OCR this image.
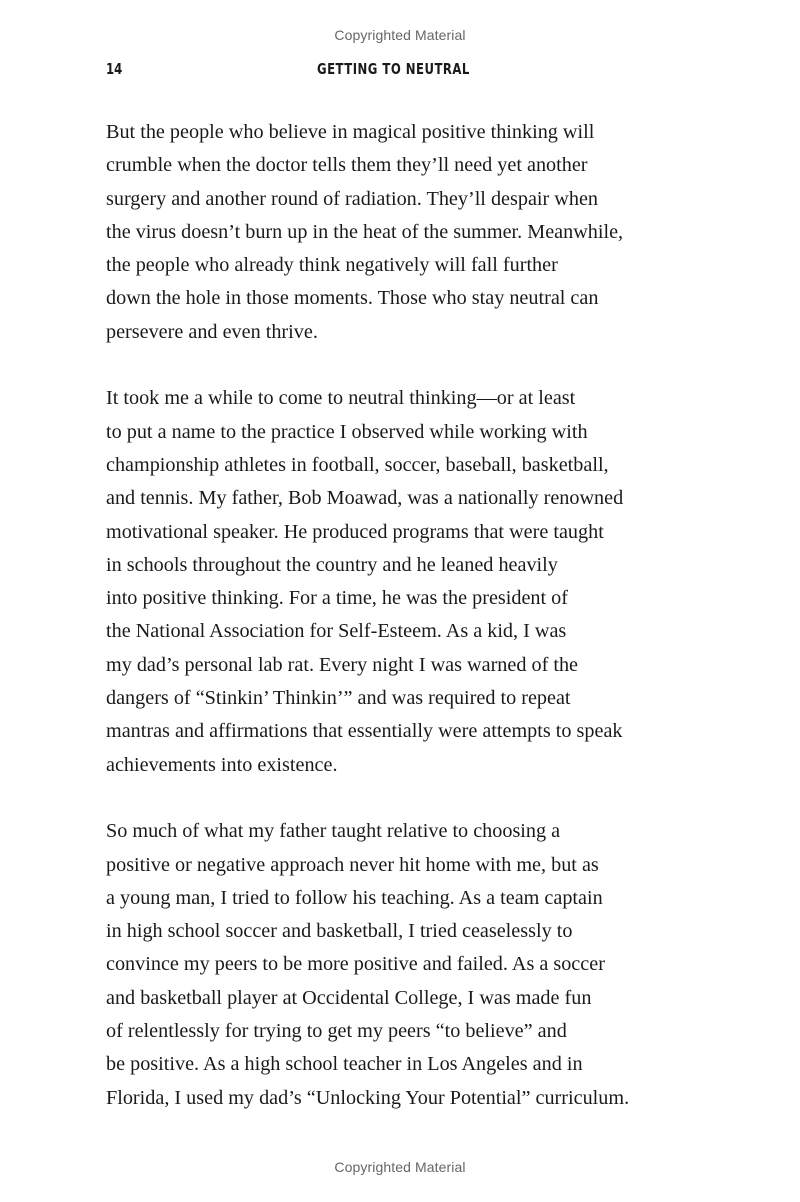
Copyrighted Material
14	GETTING TO NEUTRAL
But the people who believe in magical positive thinking will
crumble when the doctor tells them they’ll need yet another
surgery and another round of radiation. They’ll despair when
the virus doesn’t burn up in the heat of the summer. Meanwhile,
the people who already think negatively will fall further
down the hole in those moments. Those who stay neutral can
persevere and even thrive.
It took me a while to come to neutral thinking—or at least
to put a name to the practice I observed while working with
championship athletes in football, soccer, baseball, basketball,
and tennis. My father, Bob Moawad, was a nationally renowned
motivational speaker. He produced programs that were taught
in schools throughout the country and he leaned heavily
into positive thinking. For a time, he was the president of
the National Association for Self-Esteem. As a kid, I was
my dad’s personal lab rat. Every night I was warned of the
dangers of “Stinkin’ Thinkin’” and was required to repeat
mantras and affirmations that essentially were attempts to speak
achievements into existence.
So much of what my father taught relative to choosing a
positive or negative approach never hit home with me, but as
a young man, I tried to follow his teaching. As a team captain
in high school soccer and basketball, I tried ceaselessly to
convince my peers to be more positive and failed. As a soccer
and basketball player at Occidental College, I was made fun
of relentlessly for trying to get my peers “to believe” and
be positive. As a high school teacher in Los Angeles and in
Florida, I used my dad’s “Unlocking Your Potential” curriculum.
Copyrighted Material
